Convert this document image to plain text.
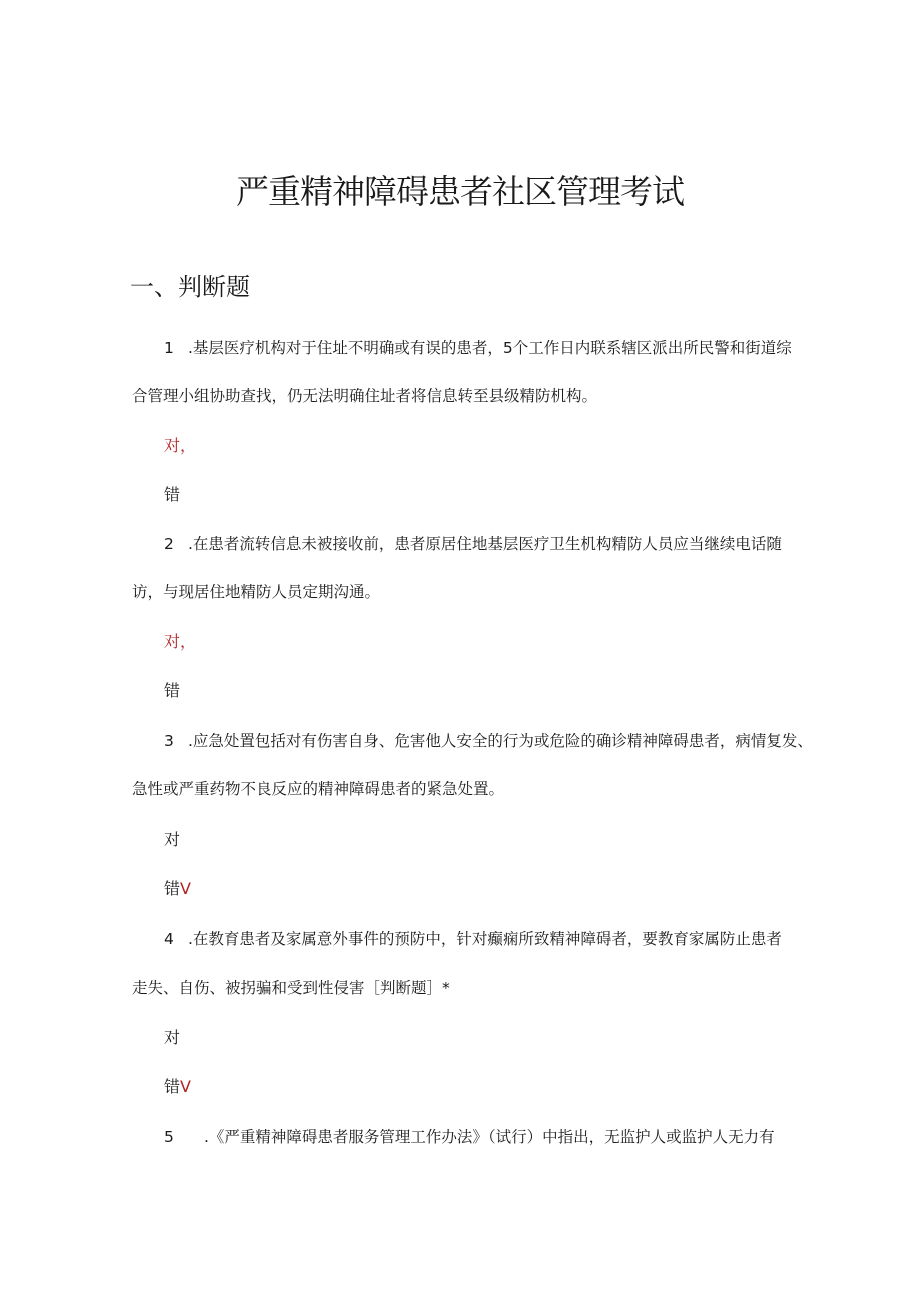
严重精神障碍患者社区管理考试
一、判断题
1 .基层医疗机构对于住址不明确或有误的患者，5个工作日内联系辖区派出所民警和街道综
合管理小组协助查找，仍无法明确住址者将信息转至县级精防机构。
对，
错
2 .在患者流转信息未被接收前，患者原居住地基层医疗卫生机构精防人员应当继续电话随
访，与现居住地精防人员定期沟通。
对，
错
3 .应急处置包括对有伤害自身、危害他人安全的行为或危险的确诊精神障碍患者，病情复发、
急性或严重药物不良反应的精神障碍患者的紧急处置。
对
错V
4 .在教育患者及家属意外事件的预防中，针对癫痫所致精神障碍者，要教育家属防止患者
走失、自伤、被拐骗和受到性侵害［判断题］*
对
错V
5 .《严重精神障碍患者服务管理工作办法》（试行）中指出，无监护人或监护人无力有
